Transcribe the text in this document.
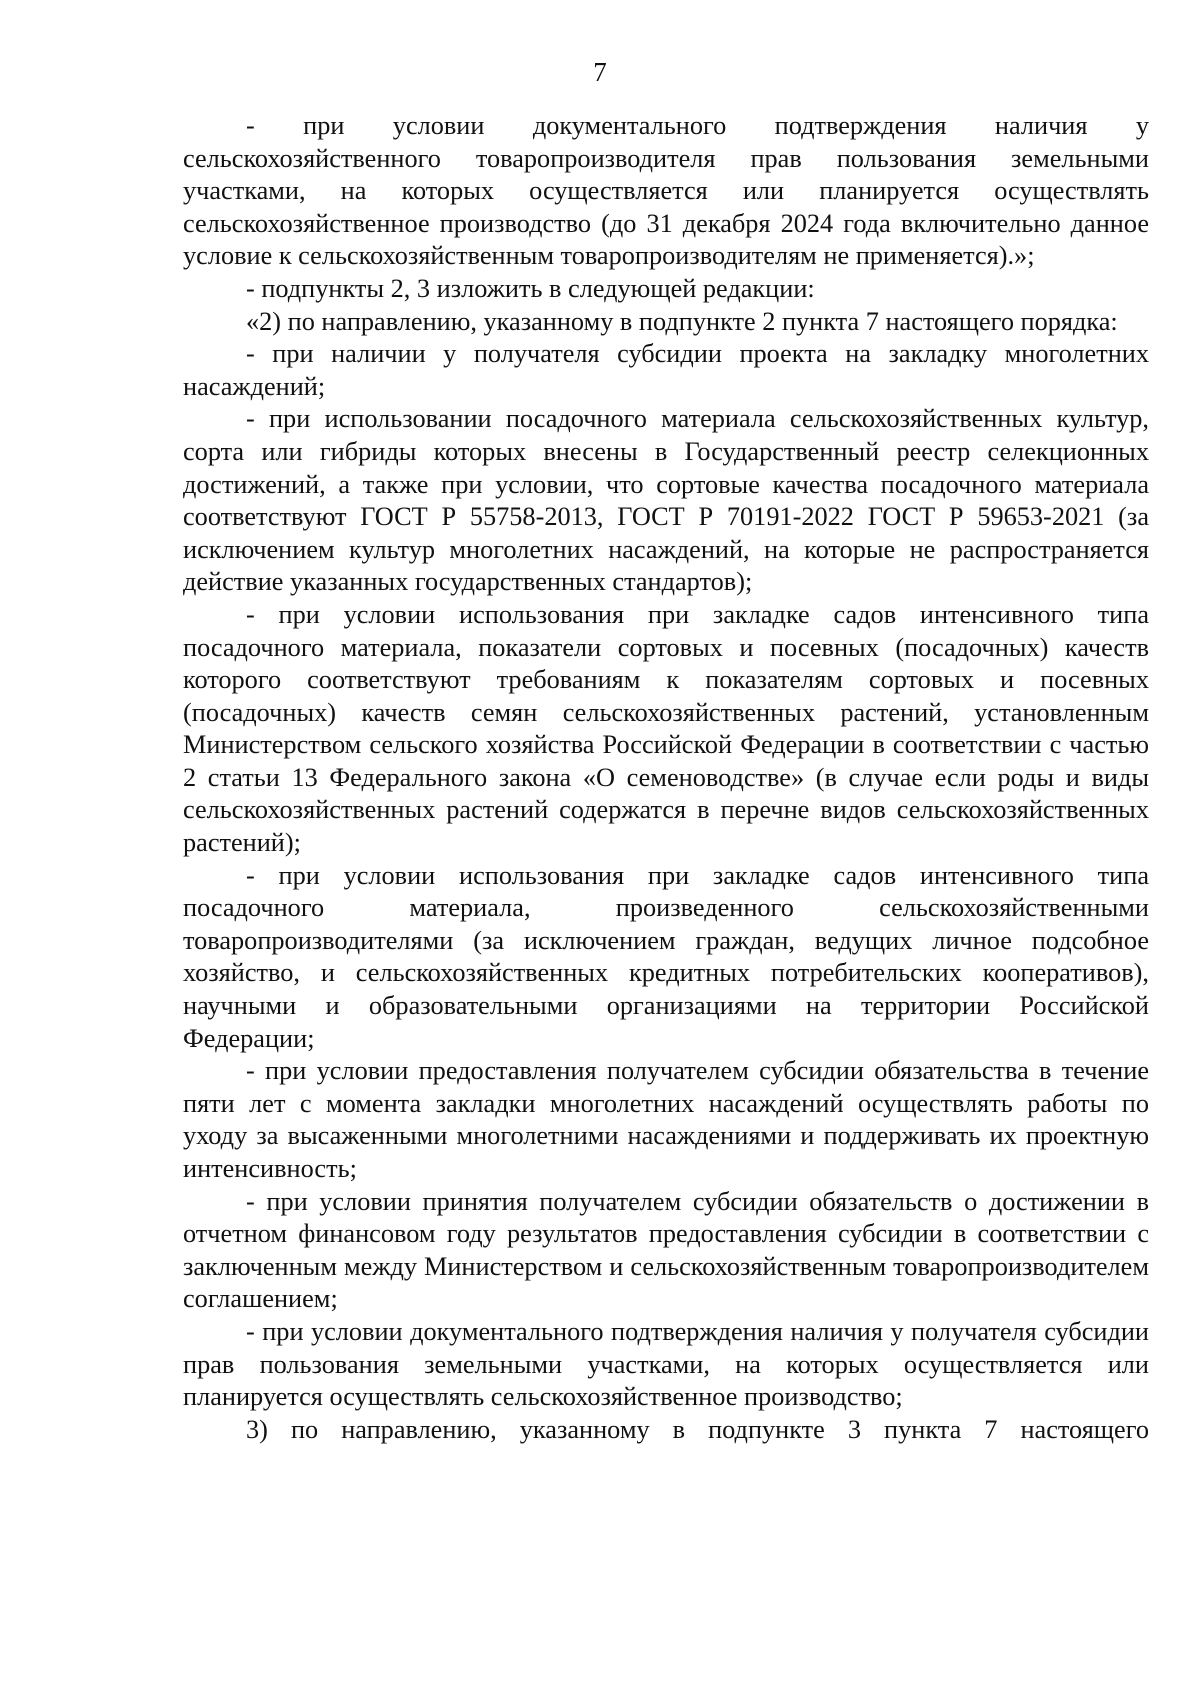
7

- при условии документального подтверждения наличия у сельскохозяйственного товаропроизводителя прав пользования земельными участками, на которых осуществляется или планируется осуществлять сельскохозяйственное производство (до 31 декабря 2024 года включительно данное условие к сельскохозяйственным товаропроизводителям не применяется).»;

- подпункты 2, 3 изложить в следующей редакции:

«2) по направлению, указанному в подпункте 2 пункта 7 настоящего порядка:

- при наличии у получателя субсидии проекта на закладку многолетних насаждений;

- при использовании посадочного материала сельскохозяйственных культур, сорта или гибриды которых внесены в Государственный реестр селекционных достижений, а также при условии, что сортовые качества посадочного материала соответствуют ГОСТ Р 55758-2013, ГОСТ Р 70191-2022 ГОСТ Р 59653-2021 (за исключением культур многолетних насаждений, на которые не распространяется действие указанных государственных стандартов);

- при условии использования при закладке садов интенсивного типа посадочного материала, показатели сортовых и посевных (посадочных) качеств которого соответствуют требованиям к показателям сортовых и посевных (посадочных) качеств семян сельскохозяйственных растений, установленным Министерством сельского хозяйства Российской Федерации в соответствии с частью 2 статьи 13 Федерального закона «О семеноводстве» (в случае если роды и виды сельскохозяйственных растений содержатся в перечне видов сельскохозяйственных растений);

- при условии использования при закладке садов интенсивного типа посадочного материала, произведенного сельскохозяйственными товаропроизводителями (за исключением граждан, ведущих личное подсобное хозяйство, и сельскохозяйственных кредитных потребительских кооперативов), научными и образовательными организациями на территории Российской Федерации;

- при условии предоставления получателем субсидии обязательства в течение пяти лет с момента закладки многолетних насаждений осуществлять работы по уходу за высаженными многолетними насаждениями и поддерживать их проектную интенсивность;

- при условии принятия получателем субсидии обязательств о достижении в отчетном финансовом году результатов предоставления субсидии в соответствии с заключенным между Министерством и сельскохозяйственным товаропроизводителем соглашением;

- при условии документального подтверждения наличия у получателя субсидии прав пользования земельными участками, на которых осуществляется или планируется осуществлять сельскохозяйственное производство;

3) по направлению, указанному в подпункте 3 пункта 7 настоящего
